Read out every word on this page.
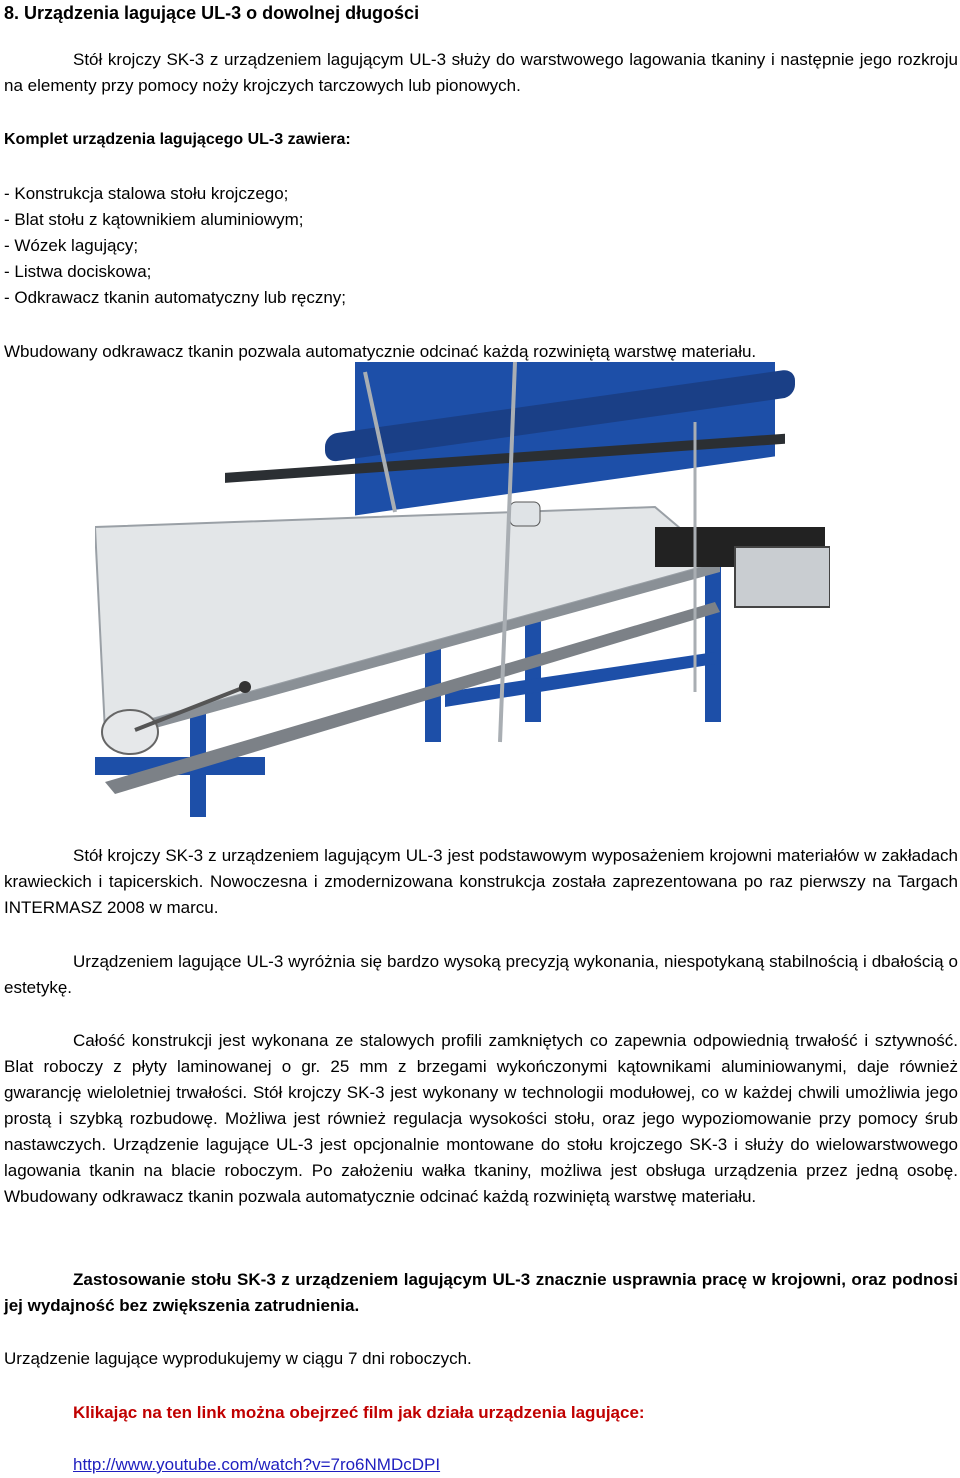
8. Urządzenia lagujące UL-3 o dowolnej długości

Stół krojczy SK-3 z urządzeniem lagującym UL-3 służy do warstwowego lagowania tkaniny i następnie jego rozkroju na elementy przy pomocy noży krojczych tarczowych lub pionowych.

Komplet urządzenia lagującego UL-3 zawiera:

- Konstrukcja stalowa stołu krojczego;
- Blat stołu z kątownikiem aluminiowym;
- Wózek lagujący;
- Listwa dociskowa;
- Odkrawacz tkanin automatyczny lub ręczny;

Wbudowany odkrawacz tkanin pozwala automatycznie odcinać każdą rozwiniętą warstwę materiału.

Stół krojczy SK-3 z urządzeniem lagującym UL-3 jest podstawowym wyposażeniem krojowni materiałów w zakładach krawieckich i tapicerskich. Nowoczesna i zmodernizowana konstrukcja została zaprezentowana po raz pierwszy na Targach INTERMASZ 2008 w marcu.

Urządzeniem lagujące UL-3 wyróżnia się bardzo wysoką precyzją wykonania, niespotykaną stabilnością i dbałością o estetykę.

Całość konstrukcji jest wykonana ze stalowych profili zamkniętych co zapewnia odpowiednią trwałość i sztywność. Blat roboczy z płyty laminowanej o gr. 25 mm z brzegami wykończonymi kątownikami aluminiowanymi, daje również gwarancję wieloletniej trwałości. Stół krojczy SK-3 jest wykonany w technologii modułowej, co w każdej chwili umożliwia jego prostą i szybką rozbudowę. Możliwa jest również regulacja wysokości stołu, oraz jego wypoziomowanie przy pomocy śrub nastawczych. Urządzenie lagujące UL-3 jest opcjonalnie montowane do stołu krojczego SK-3 i służy do wielowarstwowego lagowania tkanin na blacie roboczym. Po założeniu wałka tkaniny, możliwa jest obsługa urządzenia przez jedną osobę. Wbudowany odkrawacz tkanin pozwala automatycznie odcinać każdą rozwiniętą warstwę materiału.

Zastosowanie stołu SK-3 z urządzeniem lagującym UL-3 znacznie usprawnia pracę w krojowni, oraz podnosi jej wydajność bez zwiększenia zatrudnienia.

Urządzenie lagujące wyprodukujemy w ciągu 7 dni roboczych.

Klikając na ten link można obejrzeć film jak działa urządzenia lagujące:

http://www.youtube.com/watch?v=7ro6NMDcDPI
